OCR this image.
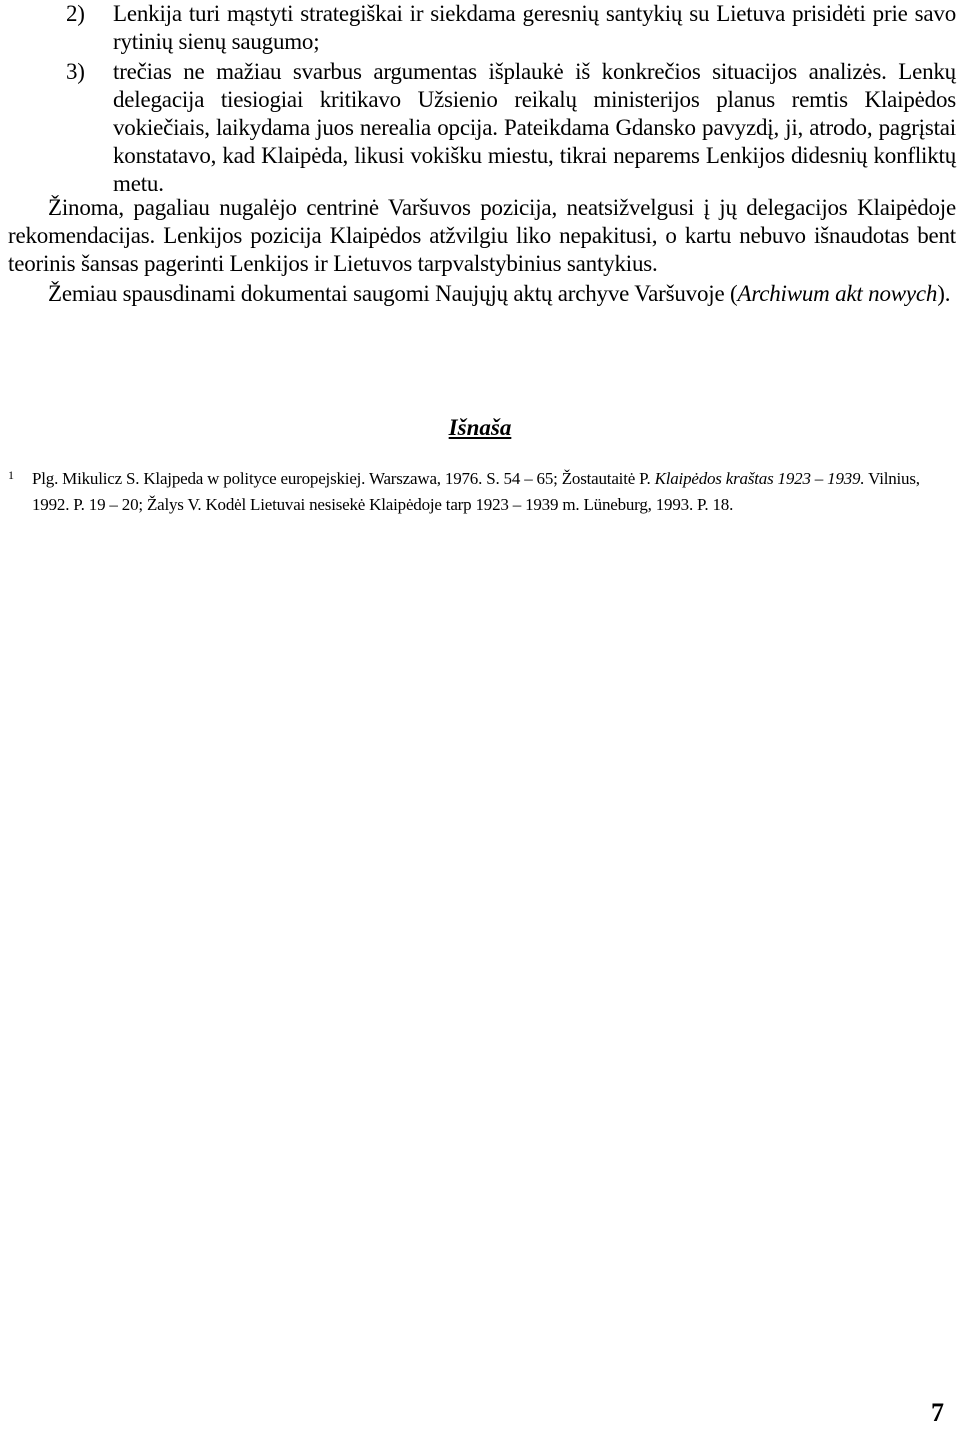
2) Lenkija turi mąstyti strategiškai ir siekdama geresnių santykių su Lietuva prisidėti prie savo rytinių sienų saugumo;
3) trečias ne mažiau svarbus argumentas išplaukė iš konkrečios situacijos analizės. Lenkų delegacija tiesiogiai kritikavo Užsienio reikalų ministerijos planus remtis Klaipėdos vokiečiais, laikydama juos nerealia opcija. Pateikdama Gdansko pavyzdį, ji, atrodo, pagrįstai konstatavo, kad Klaipėda, likusi vokišku miestu, tikrai neparems Lenkijos didesnių konfliktų metu.

Žinoma, pagaliau nugalėjo centrinė Varšuvos pozicija, neatsižvelgusi į jų delegacijos Klaipėdoje rekomendacijas. Lenkijos pozicija Klaipėdos atžvilgiu liko nepakitusi, o kartu nebuvo išnaudotas bent teorinis šansas pagerinti Lenkijos ir Lietuvos tarpvalstybinius santykius.

Žemiau spausdinami dokumentai saugomi Naujųjų aktų archyve Varšuvoje (Archiwum akt nowych).

Išnaša
1 Plg. Mikulicz S. Klajpeda w polityce europejskiej. Warszawa, 1976. S. 54 – 65; Žostautaitė P. Klaipėdos kraštas 1923 – 1939. Vilnius, 1992. P. 19 – 20; Žalys V. Kodėl Lietuvai nesisekė Klaipėdoje tarp 1923 – 1939 m. Lüneburg, 1993. P. 18.
7
